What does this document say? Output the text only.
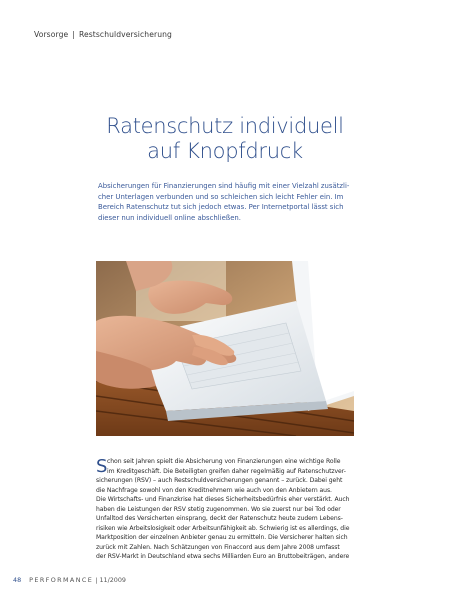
Vorsorge | Restschuldversicherung
Ratenschutz individuell
auf Knopfdruck
Absicherungen für Finanzierungen sind häufig mit einer Vielzahl zusätzli-
cher Unterlagen verbunden und so schleichen sich leicht Fehler ein. Im
Bereich Ratenschutz tut sich jedoch etwas. Per Internetportal lässt sich
dieser nun individuell online abschließen.
S chon seit Jahren spielt die Absicherung von Finanzierungen eine wichtige Rolle
im Kreditgeschäft. Die Beteiligten greifen daher regelmäßig auf Ratenschutzver-
sicherungen (RSV) – auch Restschuldversicherungen genannt – zurück. Dabei geht
die Nachfrage sowohl von den Kreditnehmern wie auch von den Anbietern aus.
Die Wirtschafts- und Finanzkrise hat dieses Sicherheitsbedürfnis eher verstärkt. Auch
haben die Leistungen der RSV stetig zugenommen. Wo sie zuerst nur bei Tod oder
Unfalltod des Versicherten einsprang, deckt der Ratenschutz heute zudem Lebens-
risiken wie Arbeitslosigkeit oder Arbeitsunfähigkeit ab. Schwierig ist es allerdings, die
Marktposition der einzelnen Anbieter genau zu ermitteln. Die Versicherer halten sich
zurück mit Zahlen. Nach Schätzungen von Finaccord aus dem Jahre 2008 umfasst
der RSV-Markt in Deutschland etwa sechs Milliarden Euro an Bruttobeiträgen, andere
48 PERFORMANCE | 11/2009
